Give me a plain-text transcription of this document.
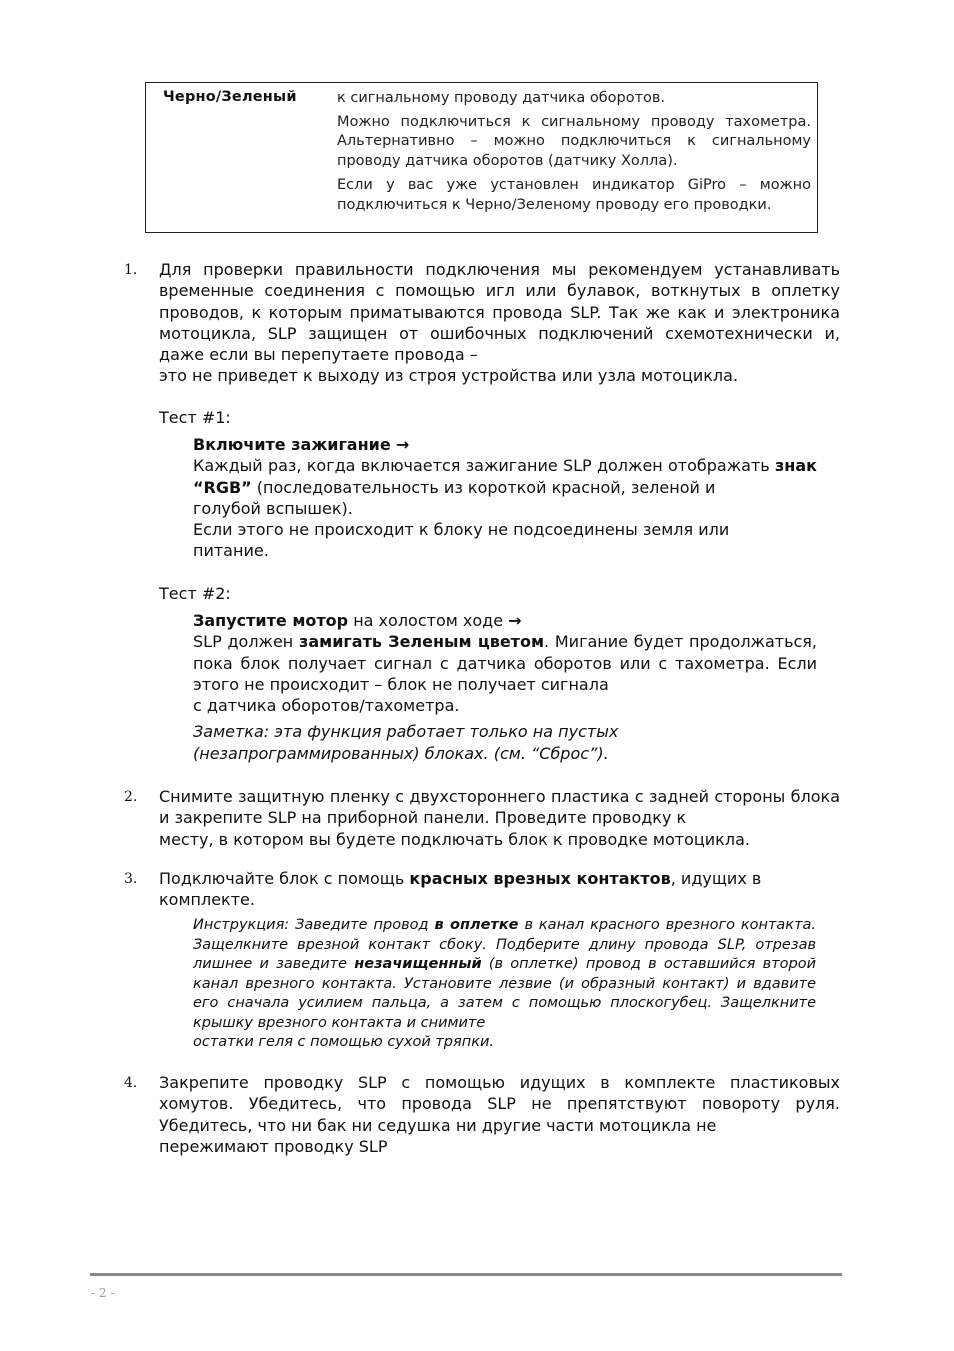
Черно/Зеленый	к сигнальному проводу датчика оборотов.

Можно подключиться к сигнальному проводу тахометра. Альтернативно – можно подключиться к сигнальному проводу датчика оборотов (датчику Холла).

Если у вас уже установлен индикатор GiPro – можно подключиться к Черно/Зеленому проводу его проводки.

1. Для проверки правильности подключения мы рекомендуем устанавливать временные соединения с помощью игл или булавок, воткнутых в оплетку проводов, к которым приматываются провода SLP. Так же как и электроника мотоцикла, SLP защищен от ошибочных подключений схемотехнически и, даже если вы перепутаете провода –
это не приведет к выходу из строя устройства или узла мотоцикла.
Тест #1:
Включите зажигание →
Каждый раз, когда включается зажигание SLP должен отображать знак “RGB” (последовательность из короткой красной, зеленой и
голубой вспышек).
Если этого не происходит к блоку не подсоединены земля или
питание.
Тест #2:
Запустите мотор на холостом ходе →
SLP должен замигать Зеленым цветом. Мигание будет продолжаться, пока блок получает сигнал с датчика оборотов или с тахометра. Если этого не происходит – блок не получает сигнала
с датчика оборотов/тахометра.
Заметка: эта функция работает только на пустых
(незапрограммированных) блоках. (см. “Сброс”).
2. Снимите защитную пленку с двухстороннего пластика с задней стороны блока и закрепите SLP на приборной панели. Проведите проводку к
месту, в котором вы будете подключать блок к проводке мотоцикла.
3. Подключайте блок с помощь красных врезных контактов, идущих в
комплекте.
Инструкция: Заведите провод в оплетке в канал красного врезного контакта. Защелкните врезной контакт сбоку. Подберите длину провода SLP, отрезав лишнее и заведите незачищенный (в оплетке) провод в оставшийся второй канал врезного контакта. Установите лезвие (и образный контакт) и вдавите его сначала усилием пальца, а затем с помощью плоскогубец. Защелкните крышку врезного контакта и снимите
остатки геля с помощью сухой тряпки.
4. Закрепите проводку SLP с помощью идущих в комплекте пластиковых хомутов. Убедитесь, что провода SLP не препятствуют повороту руля. Убедитесь, что ни бак ни седушка ни другие части мотоцикла не
пережимают проводку SLP
- 2 -
